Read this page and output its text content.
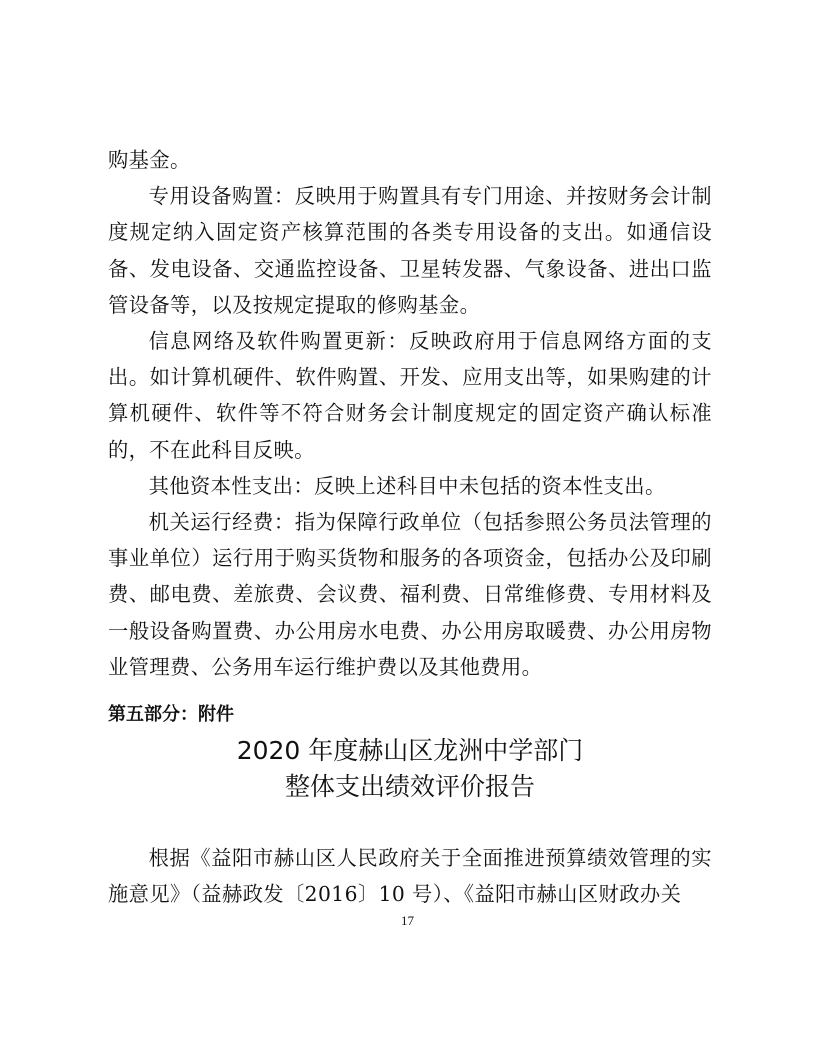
购基金。

专用设备购置：反映用于购置具有专门用途、并按财务会计制度规定纳入固定资产核算范围的各类专用设备的支出。如通信设备、发电设备、交通监控设备、卫星转发器、气象设备、进出口监管设备等，以及按规定提取的修购基金。

信息网络及软件购置更新：反映政府用于信息网络方面的支出。如计算机硬件、软件购置、开发、应用支出等，如果购建的计算机硬件、软件等不符合财务会计制度规定的固定资产确认标准的，不在此科目反映。

其他资本性支出：反映上述科目中未包括的资本性支出。

机关运行经费：指为保障行政单位（包括参照公务员法管理的事业单位）运行用于购买货物和服务的各项资金，包括办公及印刷费、邮电费、差旅费、会议费、福利费、日常维修费、专用材料及一般设备购置费、办公用房水电费、办公用房取暖费、办公用房物业管理费、公务用车运行维护费以及其他费用。

第五部分：附件
2020 年度赫山区龙洲中学部门
整体支出绩效评价报告

根据《益阳市赫山区人民政府关于全面推进预算绩效管理的实施意见》（益赫政发〔2016〕10 号）、《益阳市赫山区财政办关

17
